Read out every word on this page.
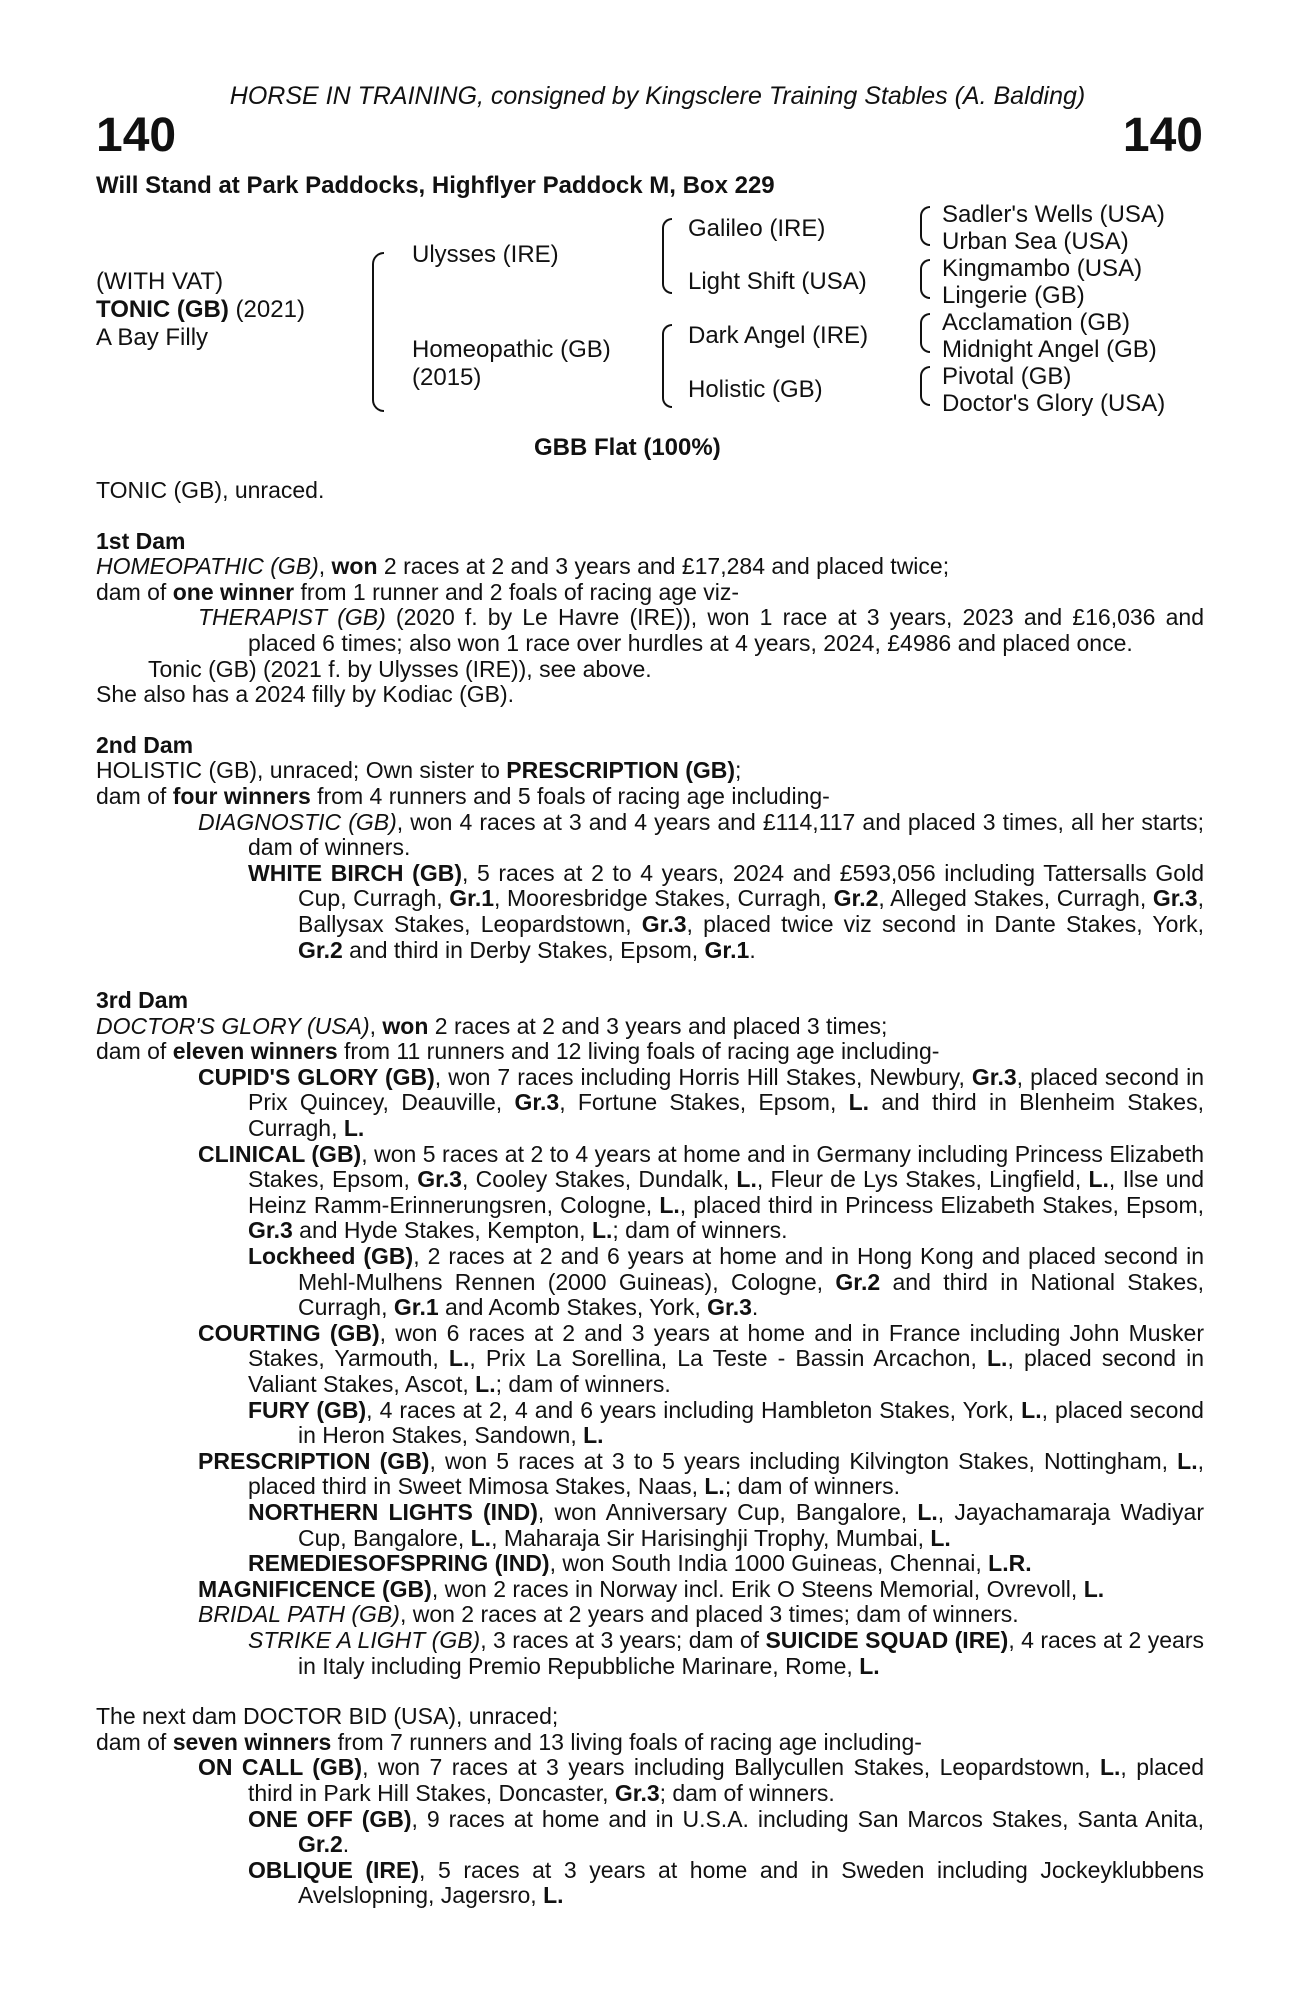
HORSE IN TRAINING, consigned by Kingsclere Training Stables (A. Balding)
140	140
Will Stand at Park Paddocks, Highflyer Paddock M, Box 229
(WITH VAT)
TONIC (GB) (2021)
A Bay Filly
Ulysses (IRE)
Homeopathic (GB)
(2015)
Galileo (IRE)
Light Shift (USA)
Dark Angel (IRE)
Holistic (GB)
Sadler's Wells (USA)
Urban Sea (USA)
Kingmambo (USA)
Lingerie (GB)
Acclamation (GB)
Midnight Angel (GB)
Pivotal (GB)
Doctor's Glory (USA)
GBB Flat (100%)

TONIC (GB), unraced.

1st Dam

HOMEOPATHIC (GB), won 2 races at 2 and 3 years and £17,284 and placed twice;

dam of one winner from 1 runner and 2 foals of racing age viz-

THERAPIST (GB) (2020 f. by Le Havre (IRE)), won 1 race at 3 years, 2023 and £16,036 and placed 6 times; also won 1 race over hurdles at 4 years, 2024, £4986 and placed once.

Tonic (GB) (2021 f. by Ulysses (IRE)), see above.

She also has a 2024 filly by Kodiac (GB).

2nd Dam

HOLISTIC (GB), unraced; Own sister to PRESCRIPTION (GB);

dam of four winners from 4 runners and 5 foals of racing age including-

DIAGNOSTIC (GB), won 4 races at 3 and 4 years and £114,117 and placed 3 times, all her starts; dam of winners.

WHITE BIRCH (GB), 5 races at 2 to 4 years, 2024 and £593,056 including Tattersalls Gold Cup, Curragh, Gr.1, Mooresbridge Stakes, Curragh, Gr.2, Alleged Stakes, Curragh, Gr.3, Ballysax Stakes, Leopardstown, Gr.3, placed twice viz second in Dante Stakes, York, Gr.2 and third in Derby Stakes, Epsom, Gr.1.

3rd Dam

DOCTOR'S GLORY (USA), won 2 races at 2 and 3 years and placed 3 times;

dam of eleven winners from 11 runners and 12 living foals of racing age including-

CUPID'S GLORY (GB), won 7 races including Horris Hill Stakes, Newbury, Gr.3, placed second in Prix Quincey, Deauville, Gr.3, Fortune Stakes, Epsom, L. and third in Blenheim Stakes, Curragh, L.

CLINICAL (GB), won 5 races at 2 to 4 years at home and in Germany including Princess Elizabeth Stakes, Epsom, Gr.3, Cooley Stakes, Dundalk, L., Fleur de Lys Stakes, Lingfield, L., Ilse und Heinz Ramm-Erinnerungsren, Cologne, L., placed third in Princess Elizabeth Stakes, Epsom, Gr.3 and Hyde Stakes, Kempton, L.; dam of winners.

Lockheed (GB), 2 races at 2 and 6 years at home and in Hong Kong and placed second in Mehl-Mulhens Rennen (2000 Guineas), Cologne, Gr.2 and third in National Stakes, Curragh, Gr.1 and Acomb Stakes, York, Gr.3.

COURTING (GB), won 6 races at 2 and 3 years at home and in France including John Musker Stakes, Yarmouth, L., Prix La Sorellina, La Teste - Bassin Arcachon, L., placed second in Valiant Stakes, Ascot, L.; dam of winners.

FURY (GB), 4 races at 2, 4 and 6 years including Hambleton Stakes, York, L., placed second in Heron Stakes, Sandown, L.

PRESCRIPTION (GB), won 5 races at 3 to 5 years including Kilvington Stakes, Nottingham, L., placed third in Sweet Mimosa Stakes, Naas, L.; dam of winners.

NORTHERN LIGHTS (IND), won Anniversary Cup, Bangalore, L., Jayachamaraja Wadiyar Cup, Bangalore, L., Maharaja Sir Harisinghji Trophy, Mumbai, L.

REMEDIESOFSPRING (IND), won South India 1000 Guineas, Chennai, L.R.

MAGNIFICENCE (GB), won 2 races in Norway incl. Erik O Steens Memorial, Ovrevoll, L.

BRIDAL PATH (GB), won 2 races at 2 years and placed 3 times; dam of winners.

STRIKE A LIGHT (GB), 3 races at 3 years; dam of SUICIDE SQUAD (IRE), 4 races at 2 years in Italy including Premio Repubbliche Marinare, Rome, L.

The next dam DOCTOR BID (USA), unraced;

dam of seven winners from 7 runners and 13 living foals of racing age including-

ON CALL (GB), won 7 races at 3 years including Ballycullen Stakes, Leopardstown, L., placed third in Park Hill Stakes, Doncaster, Gr.3; dam of winners.

ONE OFF (GB), 9 races at home and in U.S.A. including San Marcos Stakes, Santa Anita, Gr.2.

OBLIQUE (IRE), 5 races at 3 years at home and in Sweden including Jockeyklubbens Avelslopning, Jagersro, L.
